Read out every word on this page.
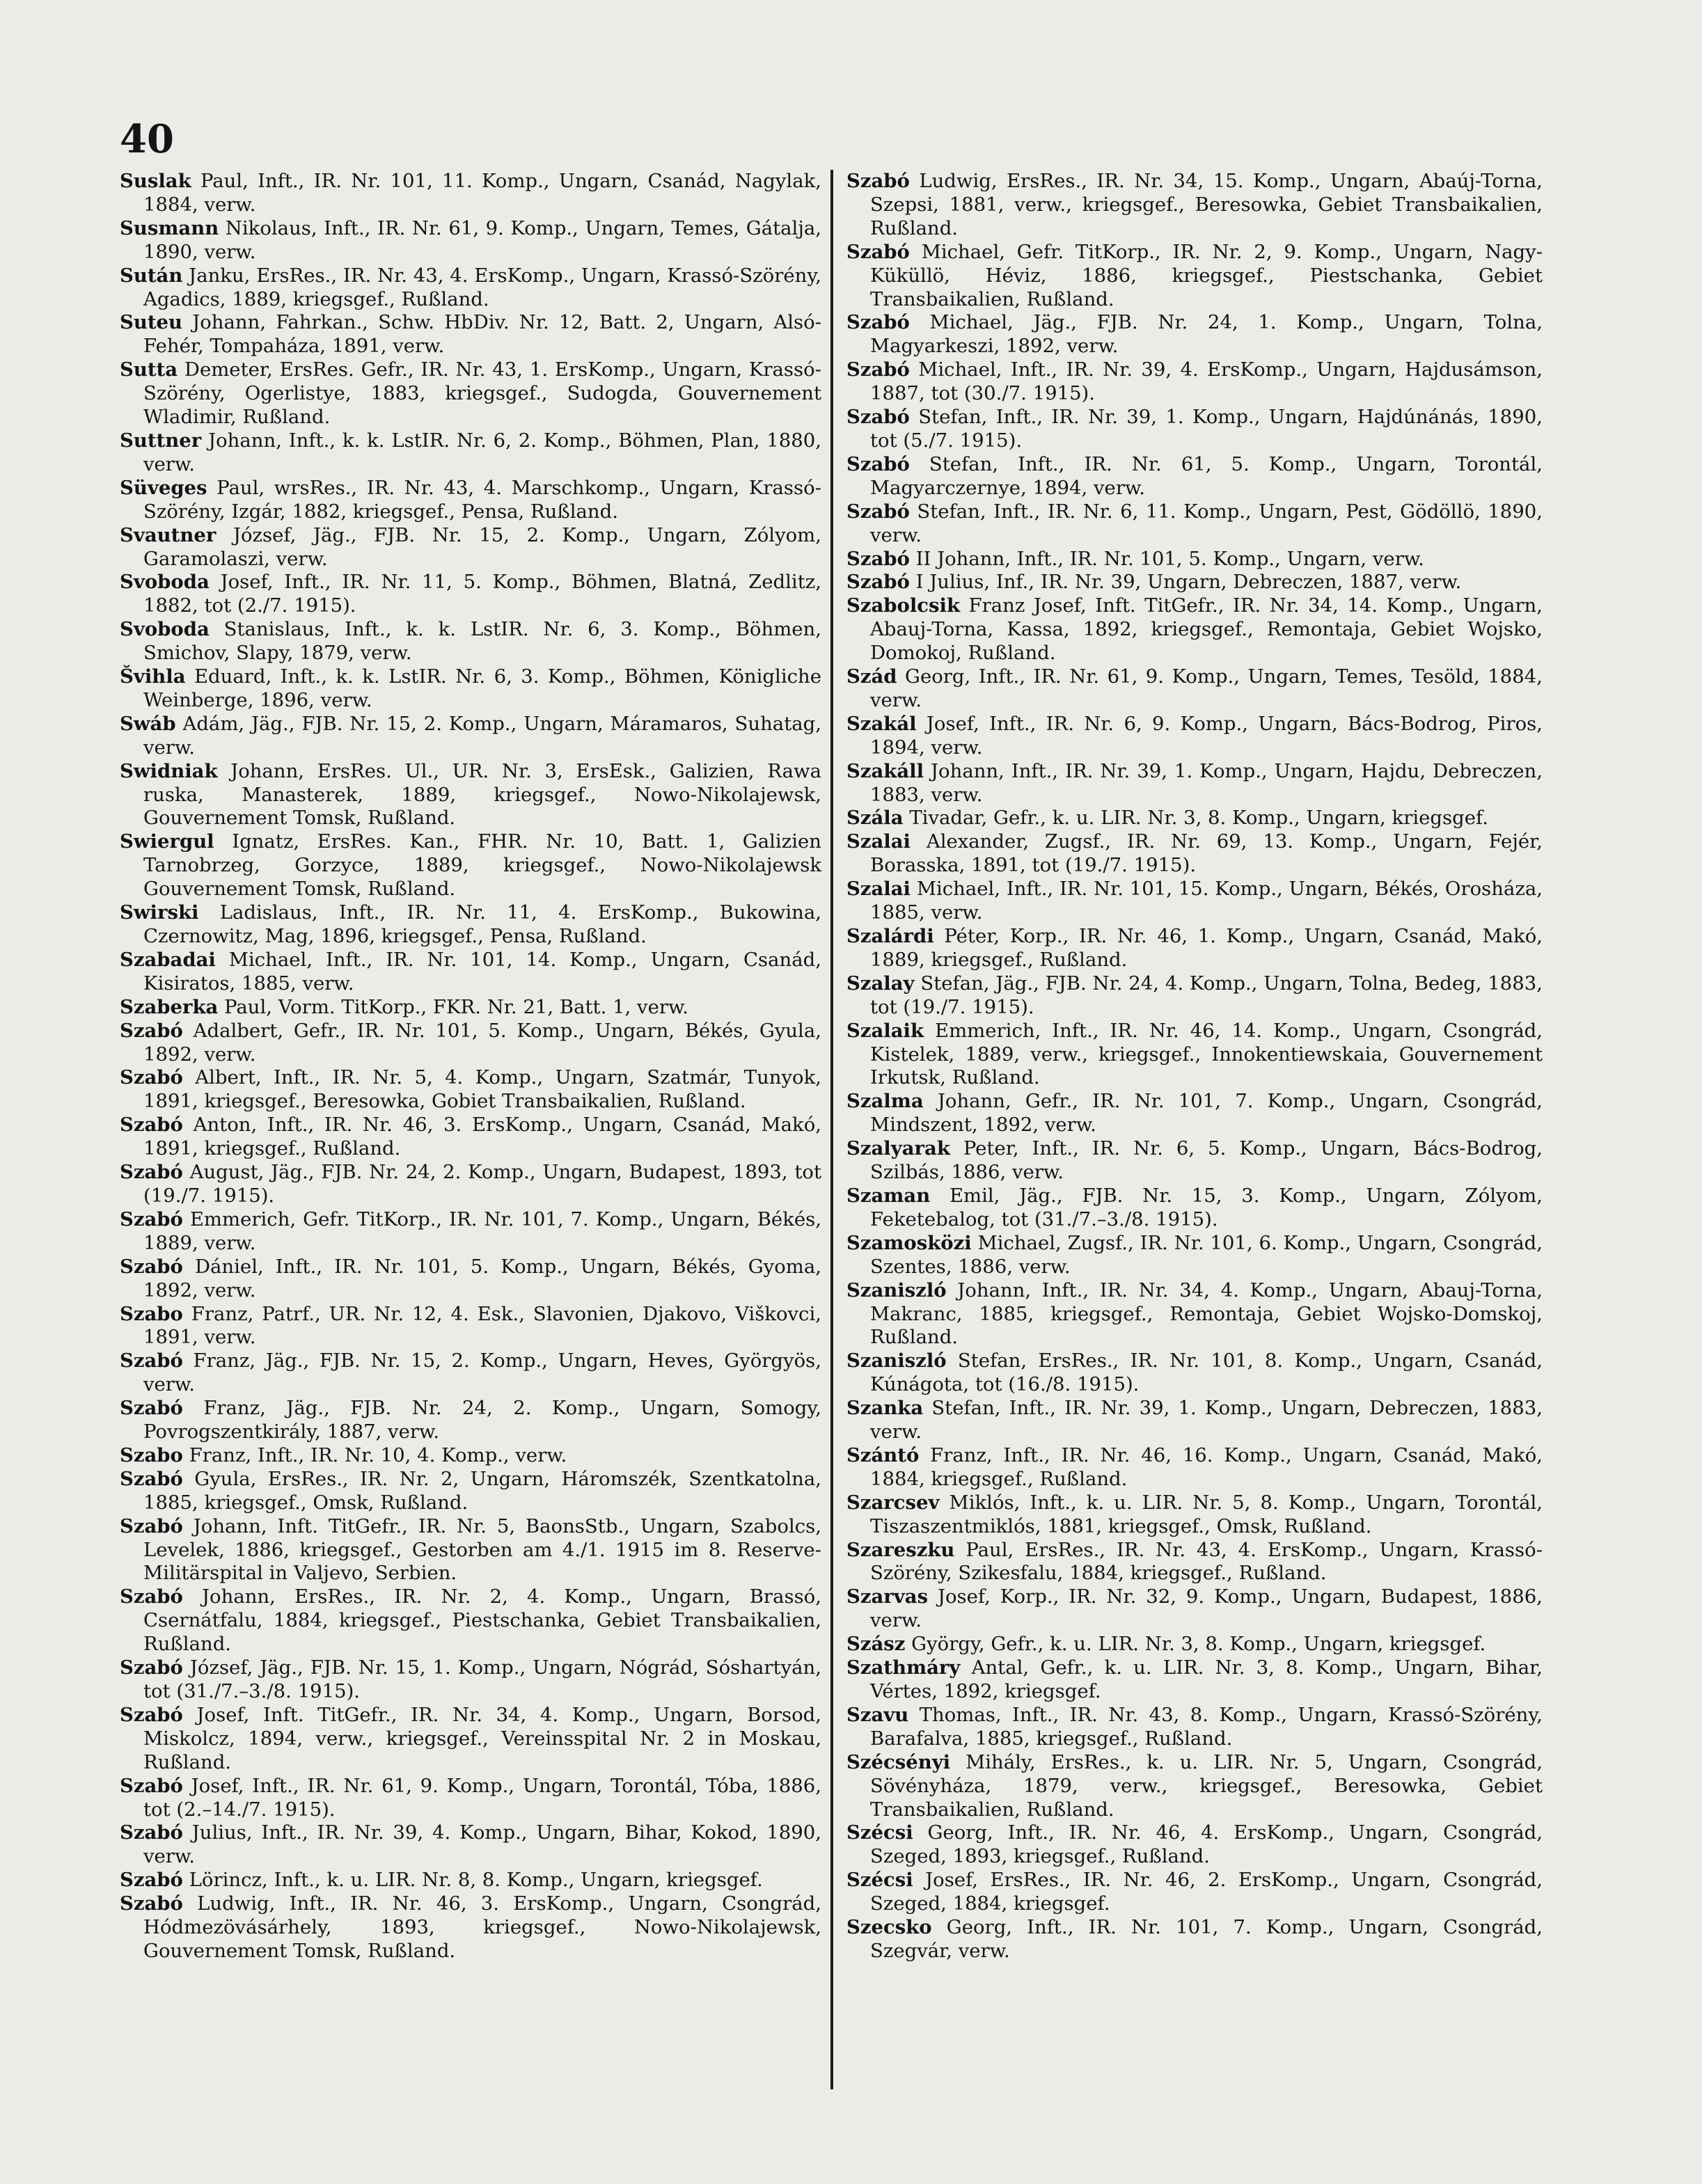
40
Suslak Paul, Inft., IR. Nr. 101, 11. Komp., Ungarn, Csanád, Nagylak, 1884, verw.
Susmann Nikolaus, Inft., IR. Nr. 61, 9. Komp., Ungarn, Temes, Gátalja, 1890, verw.
Sután Janku, ErsRes., IR. Nr. 43, 4. ErsKomp., Ungarn, Krassó-Szörény, Agadics, 1889, kriegsgef., Rußland.
Suteu Johann, Fahrkan., Schw. HbDiv. Nr. 12, Batt. 2, Ungarn, Alsó-Fehér, Tompaháza, 1891, verw.
Sutta Demeter, ErsRes. Gefr., IR. Nr. 43, 1. ErsKomp., Ungarn, Krassó-Szörény, Ogerlistye, 1883, kriegsgef., Sudogda, Gouvernement Wladimir, Rußland.
Suttner Johann, Inft., k. k. LstIR. Nr. 6, 2. Komp., Böhmen, Plan, 1880, verw.
Süveges Paul, wrsRes., IR. Nr. 43, 4. Marschkomp., Ungarn, Krassó-Szörény, Izgár, 1882, kriegsgef., Pensa, Rußland.
Svautner József, Jäg., FJB. Nr. 15, 2. Komp., Ungarn, Zólyom, Garamolaszi, verw.
Svoboda Josef, Inft., IR. Nr. 11, 5. Komp., Böhmen, Blatná, Zedlitz, 1882, tot (2./7. 1915).
Svoboda Stanislaus, Inft., k. k. LstIR. Nr. 6, 3. Komp., Böhmen, Smichov, Slapy, 1879, verw.
Švihla Eduard, Inft., k. k. LstIR. Nr. 6, 3. Komp., Böhmen, Königliche Weinberge, 1896, verw.
Swáb Adám, Jäg., FJB. Nr. 15, 2. Komp., Ungarn, Máramaros, Suhatag, verw.
Swidniak Johann, ErsRes. Ul., UR. Nr. 3, ErsEsk., Galizien, Rawa ruska, Manasterek, 1889, kriegsgef., Nowo-Nikolajewsk, Gouvernement Tomsk, Rußland.
Swiergul Ignatz, ErsRes. Kan., FHR. Nr. 10, Batt. 1, Galizien Tarnobrzeg, Gorzyce, 1889, kriegsgef., Nowo-Nikolajewsk Gouvernement Tomsk, Rußland.
Swirski Ladislaus, Inft., IR. Nr. 11, 4. ErsKomp., Bukowina, Czernowitz, Mag, 1896, kriegsgef., Pensa, Rußland.
Szabadai Michael, Inft., IR. Nr. 101, 14. Komp., Ungarn, Csanád, Kisiratos, 1885, verw.
Szaberka Paul, Vorm. TitKorp., FKR. Nr. 21, Batt. 1, verw.
Szabó Adalbert, Gefr., IR. Nr. 101, 5. Komp., Ungarn, Békés, Gyula, 1892, verw.
Szabó Albert, Inft., IR. Nr. 5, 4. Komp., Ungarn, Szatmár, Tunyok, 1891, kriegsgef., Beresowka, Gobiet Transbaikalien, Rußland.
Szabó Anton, Inft., IR. Nr. 46, 3. ErsKomp., Ungarn, Csanád, Makó, 1891, kriegsgef., Rußland.
Szabó August, Jäg., FJB. Nr. 24, 2. Komp., Ungarn, Budapest, 1893, tot (19./7. 1915).
Szabó Emmerich, Gefr. TitKorp., IR. Nr. 101, 7. Komp., Ungarn, Békés, 1889, verw.
Szabó Dániel, Inft., IR. Nr. 101, 5. Komp., Ungarn, Békés, Gyoma, 1892, verw.
Szabo Franz, Patrf., UR. Nr. 12, 4. Esk., Slavonien, Djakovo, Viškovci, 1891, verw.
Szabó Franz, Jäg., FJB. Nr. 15, 2. Komp., Ungarn, Heves, Györgyös, verw.
Szabó Franz, Jäg., FJB. Nr. 24, 2. Komp., Ungarn, Somogy, Povrogszentkirály, 1887, verw.
Szabo Franz, Inft., IR. Nr. 10, 4. Komp., verw.
Szabó Gyula, ErsRes., IR. Nr. 2, Ungarn, Háromszék, Szentkatolna, 1885, kriegsgef., Omsk, Rußland.
Szabó Johann, Inft. TitGefr., IR. Nr. 5, BaonsStb., Ungarn, Szabolcs, Levelek, 1886, kriegsgef., Gestorben am 4./1. 1915 im 8. Reserve-Militärspital in Valjevo, Serbien.
Szabó Johann, ErsRes., IR. Nr. 2, 4. Komp., Ungarn, Brassó, Csernátfalu, 1884, kriegsgef., Piestschanka, Gebiet Transbaikalien, Rußland.
Szabó József, Jäg., FJB. Nr. 15, 1. Komp., Ungarn, Nógrád, Sóshartyán, tot (31./7.–3./8. 1915).
Szabó Josef, Inft. TitGefr., IR. Nr. 34, 4. Komp., Ungarn, Borsod, Miskolcz, 1894, verw., kriegsgef., Vereinsspital Nr. 2 in Moskau, Rußland.
Szabó Josef, Inft., IR. Nr. 61, 9. Komp., Ungarn, Torontál, Tóba, 1886, tot (2.–14./7. 1915).
Szabó Julius, Inft., IR. Nr. 39, 4. Komp., Ungarn, Bihar, Kokod, 1890, verw.
Szabó Lörincz, Inft., k. u. LIR. Nr. 8, 8. Komp., Ungarn, kriegsgef.
Szabó Ludwig, Inft., IR. Nr. 46, 3. ErsKomp., Ungarn, Csongrád, Hódmezövásárhely, 1893, kriegsgef., Nowo-Nikolajewsk, Gouvernement Tomsk, Rußland.
Szabó Ludwig, ErsRes., IR. Nr. 34, 15. Komp., Ungarn, Abaúj-Torna, Szepsi, 1881, verw., kriegsgef., Beresowka, Gebiet Transbaikalien, Rußland.
Szabó Michael, Gefr. TitKorp., IR. Nr. 2, 9. Komp., Ungarn, Nagy-Küküllö, Héviz, 1886, kriegsgef., Piestschanka, Gebiet Transbaikalien, Rußland.
Szabó Michael, Jäg., FJB. Nr. 24, 1. Komp., Ungarn, Tolna, Magyarkeszi, 1892, verw.
Szabó Michael, Inft., IR. Nr. 39, 4. ErsKomp., Ungarn, Hajdusámson, 1887, tot (30./7. 1915).
Szabó Stefan, Inft., IR. Nr. 39, 1. Komp., Ungarn, Hajdúnánás, 1890, tot (5./7. 1915).
Szabó Stefan, Inft., IR. Nr. 61, 5. Komp., Ungarn, Torontál, Magyarczernye, 1894, verw.
Szabó Stefan, Inft., IR. Nr. 6, 11. Komp., Ungarn, Pest, Gödöllö, 1890, verw.
Szabó II Johann, Inft., IR. Nr. 101, 5. Komp., Ungarn, verw.
Szabó I Julius, Inf., IR. Nr. 39, Ungarn, Debreczen, 1887, verw.
Szabolcsik Franz Josef, Inft. TitGefr., IR. Nr. 34, 14. Komp., Ungarn, Abauj-Torna, Kassa, 1892, kriegsgef., Remontaja, Gebiet Wojsko, Domokoj, Rußland.
Szád Georg, Inft., IR. Nr. 61, 9. Komp., Ungarn, Temes, Tesöld, 1884, verw.
Szakál Josef, Inft., IR. Nr. 6, 9. Komp., Ungarn, Bács-Bodrog, Piros, 1894, verw.
Szakáll Johann, Inft., IR. Nr. 39, 1. Komp., Ungarn, Hajdu, Debreczen, 1883, verw.
Szála Tivadar, Gefr., k. u. LIR. Nr. 3, 8. Komp., Ungarn, kriegsgef.
Szalai Alexander, Zugsf., IR. Nr. 69, 13. Komp., Ungarn, Fejér, Borasska, 1891, tot (19./7. 1915).
Szalai Michael, Inft., IR. Nr. 101, 15. Komp., Ungarn, Békés, Orosháza, 1885, verw.
Szalárdi Péter, Korp., IR. Nr. 46, 1. Komp., Ungarn, Csanád, Makó, 1889, kriegsgef., Rußland.
Szalay Stefan, Jäg., FJB. Nr. 24, 4. Komp., Ungarn, Tolna, Bedeg, 1883, tot (19./7. 1915).
Szalaik Emmerich, Inft., IR. Nr. 46, 14. Komp., Ungarn, Csongrád, Kistelek, 1889, verw., kriegsgef., Innokentiewskaia, Gouvernement Irkutsk, Rußland.
Szalma Johann, Gefr., IR. Nr. 101, 7. Komp., Ungarn, Csongrád, Mindszent, 1892, verw.
Szalyarak Peter, Inft., IR. Nr. 6, 5. Komp., Ungarn, Bács-Bodrog, Szilbás, 1886, verw.
Szaman Emil, Jäg., FJB. Nr. 15, 3. Komp., Ungarn, Zólyom, Feketebalog, tot (31./7.–3./8. 1915).
Szamosközi Michael, Zugsf., IR. Nr. 101, 6. Komp., Ungarn, Csongrád, Szentes, 1886, verw.
Szaniszló Johann, Inft., IR. Nr. 34, 4. Komp., Ungarn, Abauj-Torna, Makranc, 1885, kriegsgef., Remontaja, Gebiet Wojsko-Domskoj, Rußland.
Szaniszló Stefan, ErsRes., IR. Nr. 101, 8. Komp., Ungarn, Csanád, Kúnágota, tot (16./8. 1915).
Szanka Stefan, Inft., IR. Nr. 39, 1. Komp., Ungarn, Debreczen, 1883, verw.
Szántó Franz, Inft., IR. Nr. 46, 16. Komp., Ungarn, Csanád, Makó, 1884, kriegsgef., Rußland.
Szarcsev Miklós, Inft., k. u. LIR. Nr. 5, 8. Komp., Ungarn, Torontál, Tiszaszentmiklós, 1881, kriegsgef., Omsk, Rußland.
Szareszku Paul, ErsRes., IR. Nr. 43, 4. ErsKomp., Ungarn, Krassó-Szörény, Szikesfalu, 1884, kriegsgef., Rußland.
Szarvas Josef, Korp., IR. Nr. 32, 9. Komp., Ungarn, Budapest, 1886, verw.
Szász György, Gefr., k. u. LIR. Nr. 3, 8. Komp., Ungarn, kriegsgef.
Szathmáry Antal, Gefr., k. u. LIR. Nr. 3, 8. Komp., Ungarn, Bihar, Vértes, 1892, kriegsgef.
Szavu Thomas, Inft., IR. Nr. 43, 8. Komp., Ungarn, Krassó-Szörény, Barafalva, 1885, kriegsgef., Rußland.
Szécsényi Mihály, ErsRes., k. u. LIR. Nr. 5, Ungarn, Csongrád, Sövényháza, 1879, verw., kriegsgef., Beresowka, Gebiet Transbaikalien, Rußland.
Szécsi Georg, Inft., IR. Nr. 46, 4. ErsKomp., Ungarn, Csongrád, Szeged, 1893, kriegsgef., Rußland.
Szécsi Josef, ErsRes., IR. Nr. 46, 2. ErsKomp., Ungarn, Csongrád, Szeged, 1884, kriegsgef.
Szecsko Georg, Inft., IR. Nr. 101, 7. Komp., Ungarn, Csongrád, Szegvár, verw.
